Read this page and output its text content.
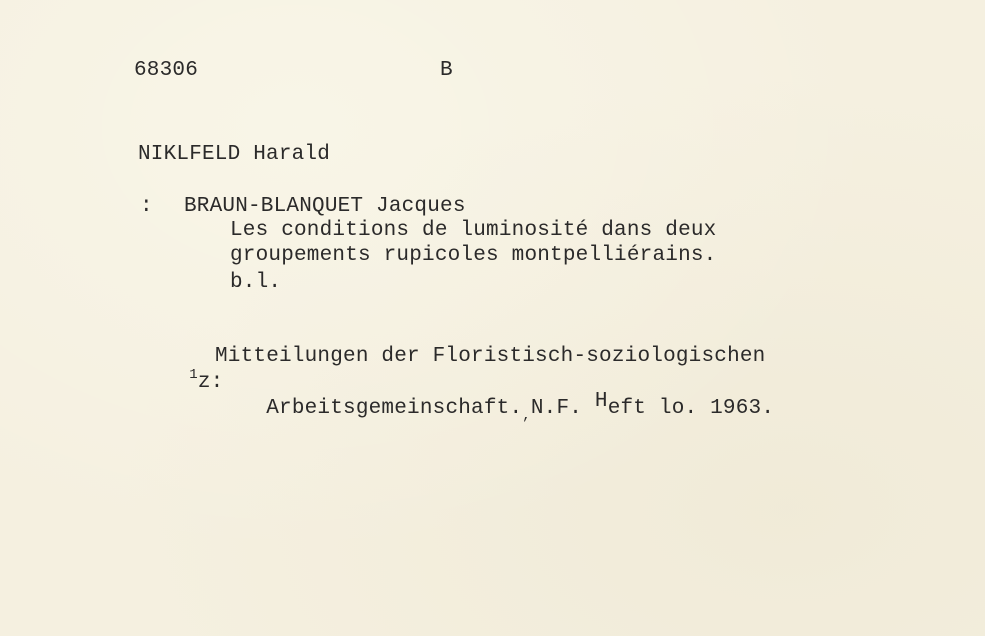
68306	B
NIKLFELD Harald
: BRAUN-BLANQUET Jacques
Les conditions de luminosité dans deux
groupements rupicoles montpelliérains.
b.l.

$^1$z:

Mitteilungen der Floristisch-soziologischen

$Arbeitsgemeinschaft._,N.F$. Heft lo. 1963.
